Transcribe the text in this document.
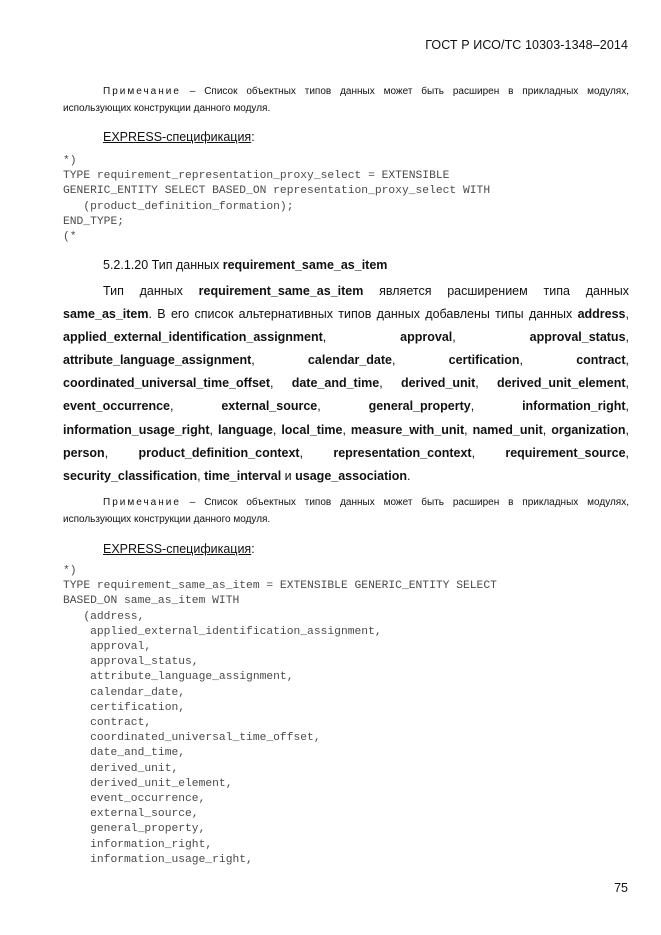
ГОСТ Р ИСО/ТС 10303-1348–2014
Примечание – Список объектных типов данных может быть расширен в прикладных модулях, использующих конструкции данного модуля.
EXPRESS-спецификация:
*)
TYPE requirement_representation_proxy_select = EXTENSIBLE
GENERIC_ENTITY SELECT BASED_ON representation_proxy_select WITH
(product_definition_formation);
END_TYPE;
(*
5.2.1.20 Тип данных requirement_same_as_item
Тип данных requirement_same_as_item является расширением типа данных same_as_item. В его список альтернативных типов данных добавлены типы данных address, applied_external_identification_assignment, approval, approval_status, attribute_language_assignment, calendar_date, certification, contract, coordinated_universal_time_offset, date_and_time, derived_unit, derived_unit_element, event_occurrence, external_source, general_property, information_right, information_usage_right, language, local_time, measure_with_unit, named_unit, organization, person, product_definition_context, representation_context, requirement_source, security_classification, time_interval и usage_association.
Примечание – Список объектных типов данных может быть расширен в прикладных модулях, использующих конструкции данного модуля.
EXPRESS-спецификация:
*)
TYPE requirement_same_as_item = EXTENSIBLE GENERIC_ENTITY SELECT
BASED_ON same_as_item WITH
(address,
applied_external_identification_assignment,
approval,
approval_status,
attribute_language_assignment,
calendar_date,
certification,
contract,
coordinated_universal_time_offset,
date_and_time,
derived_unit,
derived_unit_element,
event_occurrence,
external_source,
general_property,
information_right,
information_usage_right,
75
